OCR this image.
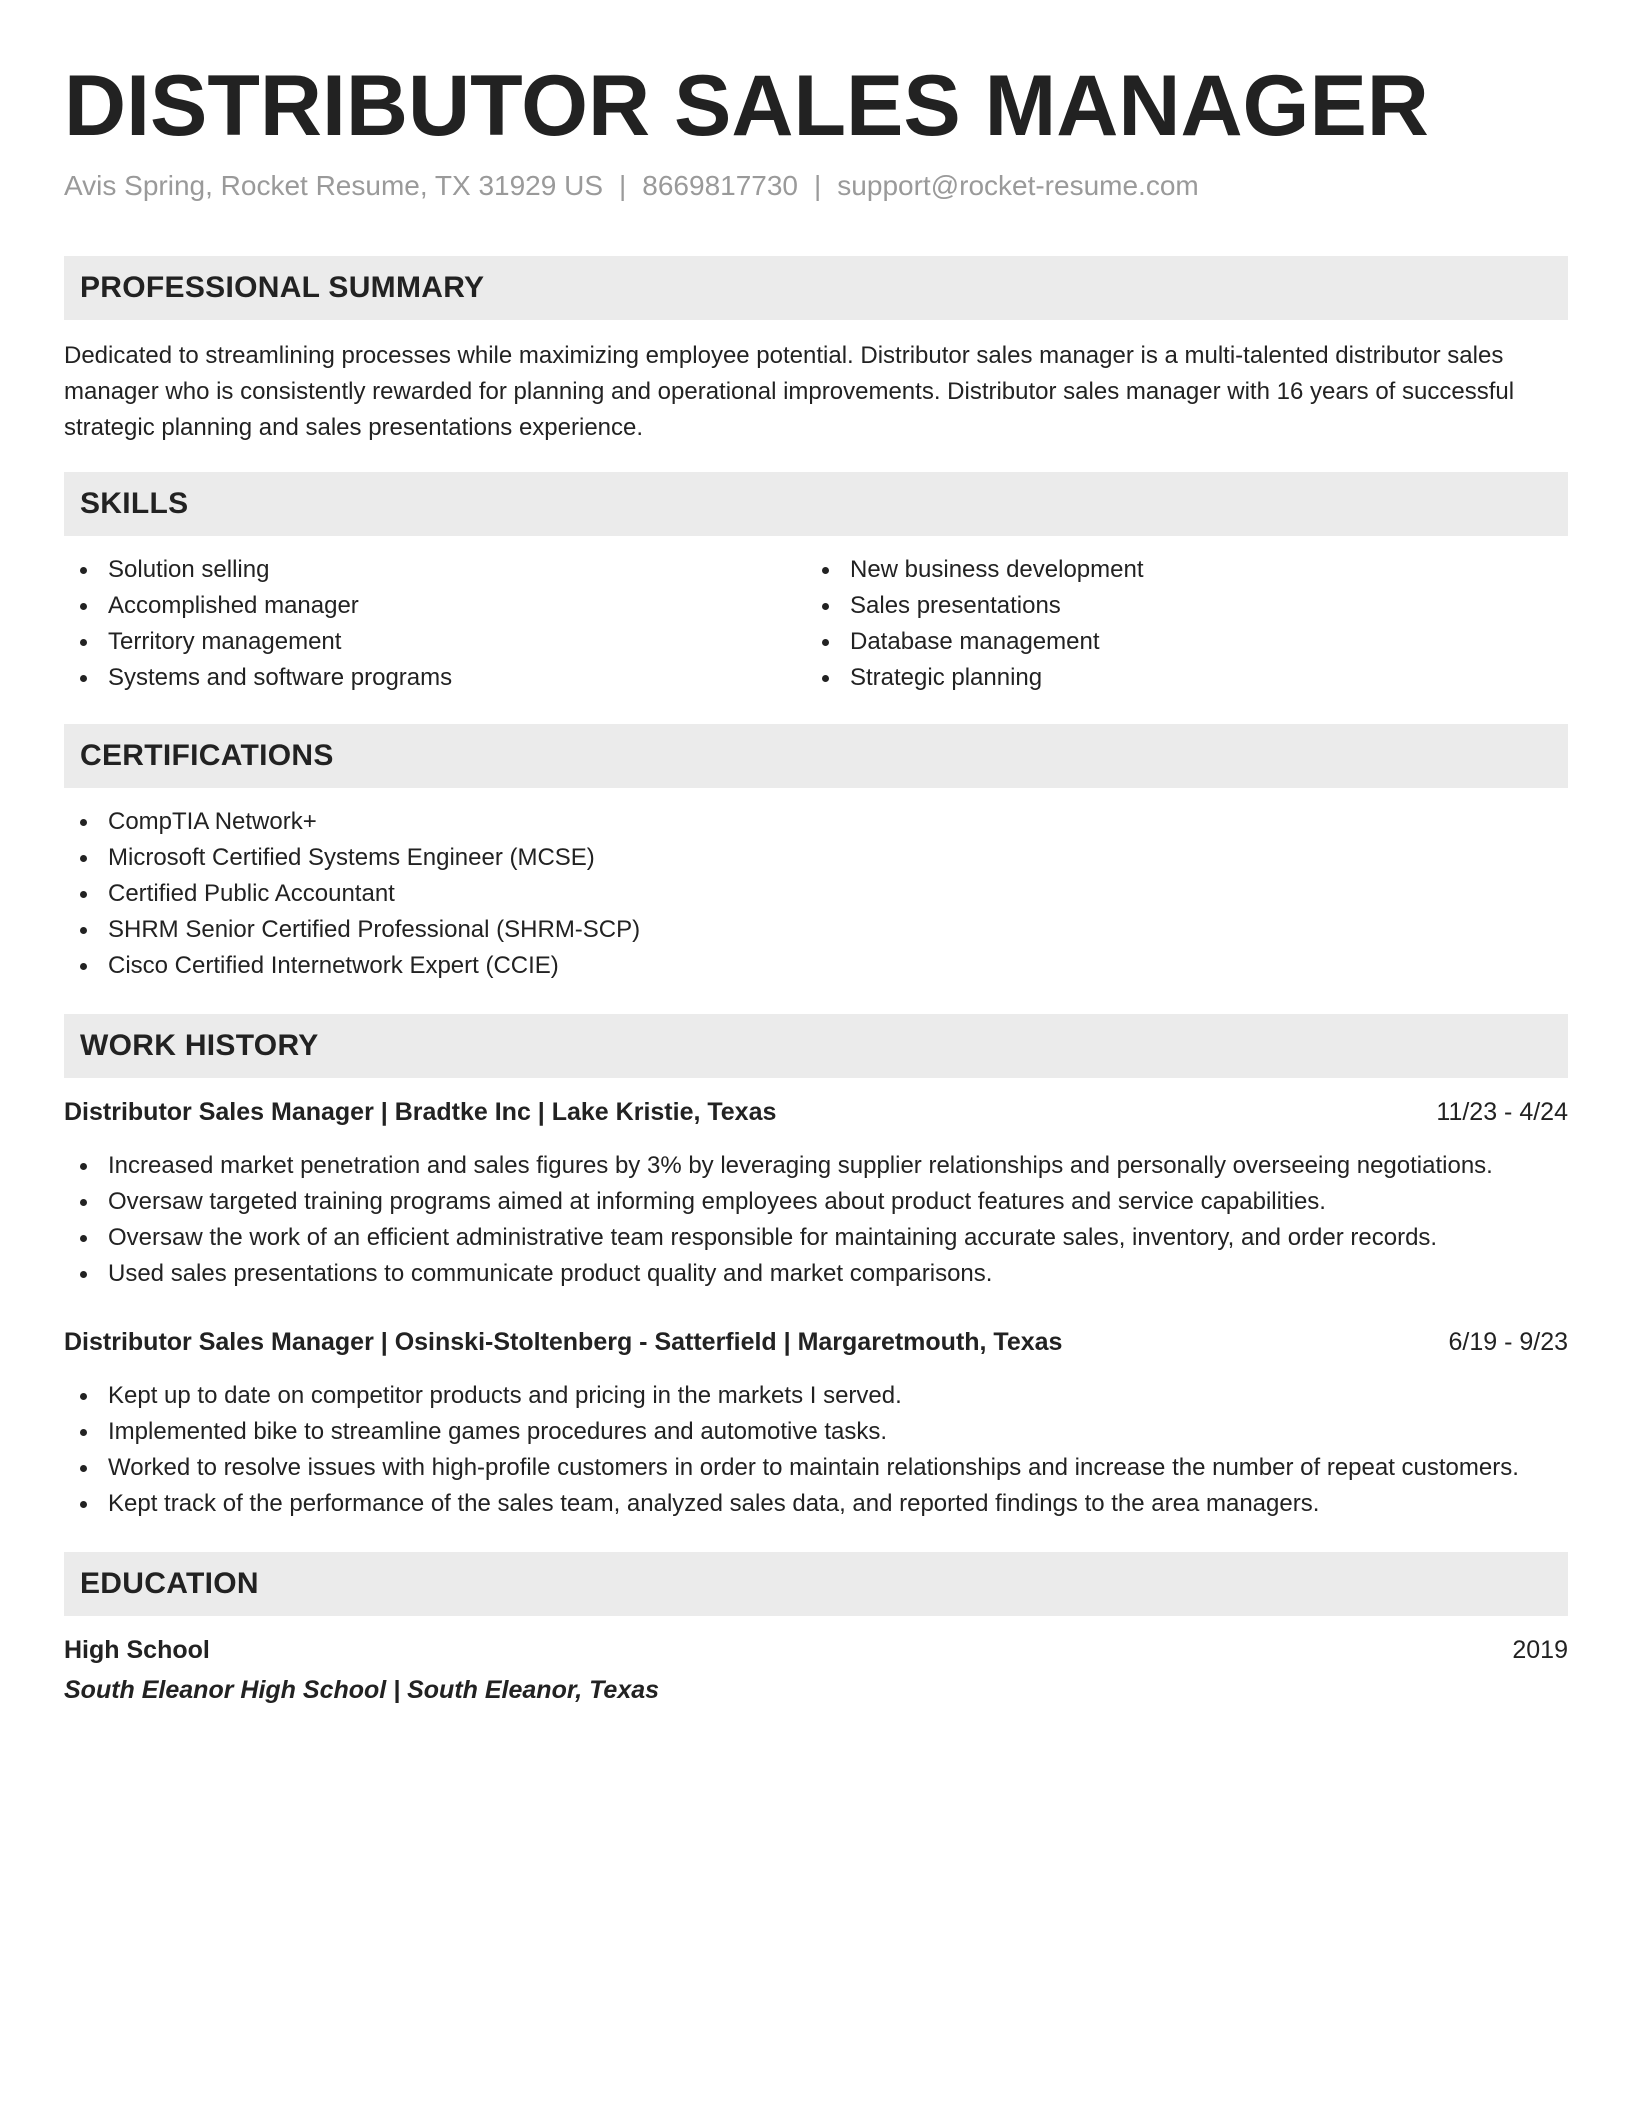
DISTRIBUTOR SALES MANAGER
Avis Spring, Rocket Resume, TX 31929 US | 8669817730 | support@rocket-resume.com
PROFESSIONAL SUMMARY

Dedicated to streamlining processes while maximizing employee potential. Distributor sales manager is a multi-talented distributor sales manager who is consistently rewarded for planning and operational improvements. Distributor sales manager with 16 years of successful strategic planning and sales presentations experience.

SKILLS
Solution selling
Accomplished manager
Territory management
Systems and software programs
New business development
Sales presentations
Database management
Strategic planning
CERTIFICATIONS
CompTIA Network+
Microsoft Certified Systems Engineer (MCSE)
Certified Public Accountant
SHRM Senior Certified Professional (SHRM-SCP)
Cisco Certified Internetwork Expert (CCIE)
WORK HISTORY
Distributor Sales Manager | Bradtke Inc | Lake Kristie, Texas	11/23 - 4/24
Increased market penetration and sales figures by 3% by leveraging supplier relationships and personally overseeing negotiations.
Oversaw targeted training programs aimed at informing employees about product features and service capabilities.
Oversaw the work of an efficient administrative team responsible for maintaining accurate sales, inventory, and order records.
Used sales presentations to communicate product quality and market comparisons.
Distributor Sales Manager | Osinski-Stoltenberg - Satterfield | Margaretmouth, Texas	6/19 - 9/23
Kept up to date on competitor products and pricing in the markets I served.
Implemented bike to streamline games procedures and automotive tasks.
Worked to resolve issues with high-profile customers in order to maintain relationships and increase the number of repeat customers.
Kept track of the performance of the sales team, analyzed sales data, and reported findings to the area managers.
EDUCATION
High School	2019
South Eleanor High School | South Eleanor, Texas
